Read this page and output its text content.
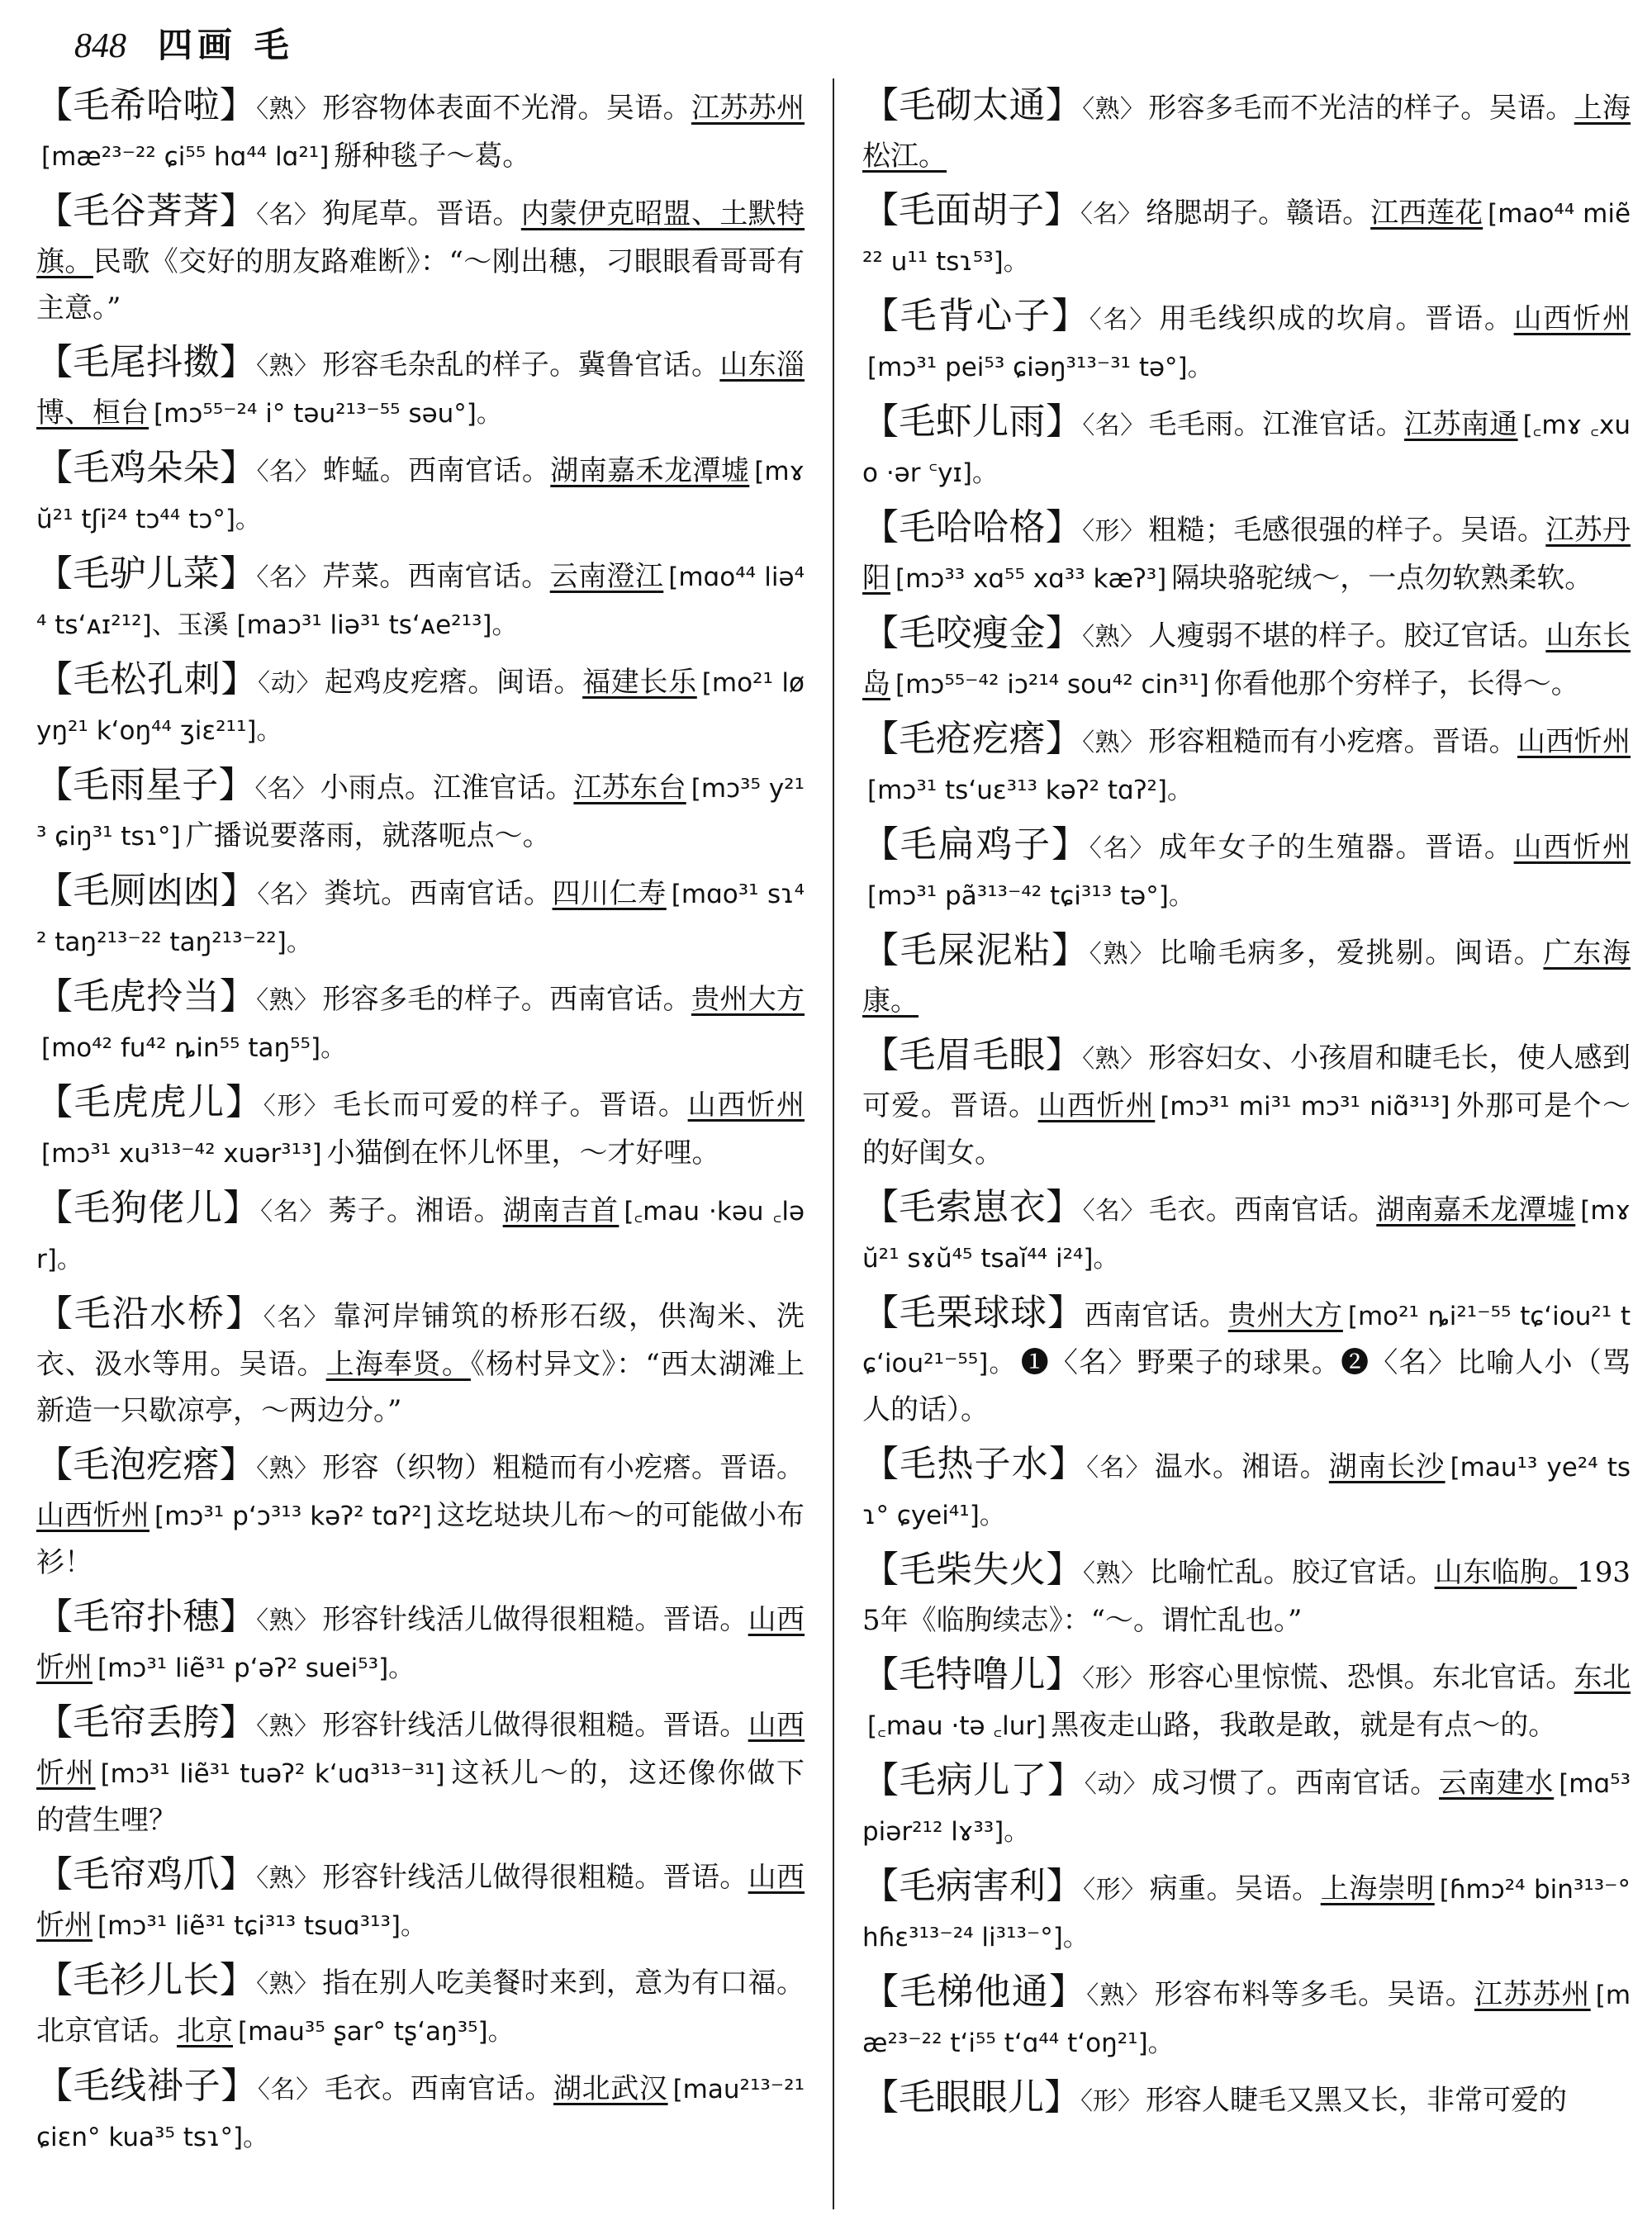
848 四画 毛
【毛希哈啦】〈熟〉 形容物体表面不光滑。吴语。江苏苏州[mæ²³⁻²² ɕi⁵⁵ hɑ⁴⁴ lɑ²¹] 掰种毯子～葛。
【毛谷萕萕】〈名〉 狗尾草。晋语。内蒙伊克昭盟、土默特旗。民歌《交好的朋友路难断》：“～刚出穗，刁眼眼看哥哥有主意。”
【毛尾抖擞】〈熟〉 形容毛杂乱的样子。冀鲁官话。山东淄博、桓台 [mɔ⁵⁵⁻²⁴ i° təu²¹³⁻⁵⁵ səu°]。
【毛鸡朵朵】〈名〉 蚱蜢。西南官话。湖南嘉禾龙潭墟 [mɤŭ²¹ tʃi²⁴ tɔ⁴⁴ tɔ°]。
【毛驴儿菜】〈名〉 芹菜。西南官话。云南澄江 [mɑo⁴⁴ liə⁴⁴ ts‘ᴀɪ²¹²]、玉溪 [maɔ³¹ liə³¹ ts‘ᴀe²¹³]。
【毛松孔刺】〈动〉 起鸡皮疙瘩。闽语。福建长乐 [mo²¹ løyŋ²¹ k‘oŋ⁴⁴ ʒiɛ²¹¹]。
【毛雨星子】〈名〉 小雨点。江淮官话。江苏东台 [mɔ³⁵ y²¹³ ɕiŋ³¹ tsɿ°] 广播说要落雨，就落呃点～。
【毛厕凼凼】〈名〉 粪坑。西南官话。四川仁寿 [mɑo³¹ sɿ⁴² taŋ²¹³⁻²² taŋ²¹³⁻²²]。
【毛虎拎当】〈熟〉 形容多毛的样子。西南官话。贵州大方[mo⁴² fu⁴² ȵin⁵⁵ taŋ⁵⁵]。
【毛虎虎儿】〈形〉 毛长而可爱的样子。晋语。山西忻州[mɔ³¹ xu³¹³⁻⁴² xuər³¹³] 小猫倒在怀儿怀里，～才好哩。
【毛狗佬儿】〈名〉 莠子。湘语。湖南吉首 [꜀mau ·kəu ꜀lər]。
【毛沿水桥】〈名〉 靠河岸铺筑的桥形石级，供淘米、洗衣、汲水等用。吴语。上海奉贤。《杨村异文》：“西太湖滩上新造一只歇凉亭，～两边分。”
【毛泡疙瘩】〈熟〉 形容（织物）粗糙而有小疙瘩。晋语。山西忻州 [mɔ³¹ p‘ɔ³¹³ kəʔ² tɑʔ²] 这圪垯块儿布～的可能做小布衫！
【毛帘扑穗】〈熟〉 形容针线活儿做得很粗糙。晋语。山西忻州 [mɔ³¹ liẽ³¹ p‘əʔ² suei⁵³]。
【毛帘丢胯】〈熟〉 形容针线活儿做得很粗糙。晋语。山西忻州 [mɔ³¹ liẽ³¹ tuəʔ² k‘uɑ³¹³⁻³¹] 这袄儿～的，这还像你做下的营生哩？
【毛帘鸡爪】〈熟〉 形容针线活儿做得很粗糙。晋语。山西忻州 [mɔ³¹ liẽ³¹ tɕi³¹³ tsuɑ³¹³]。
【毛衫儿长】〈熟〉 指在别人吃美餐时来到，意为有口福。北京官话。北京 [mau³⁵ ʂar° tʂ‘aŋ³⁵]。
【毛线褂子】〈名〉 毛衣。西南官话。湖北武汉 [mau²¹³⁻²¹ ɕiɛn° kua³⁵ tsɿ°]。
【毛砌太通】〈熟〉 形容多毛而不光洁的样子。吴语。上海松江。
【毛面胡子】〈名〉 络腮胡子。赣语。江西莲花 [mao⁴⁴ miẽ²² u¹¹ tsɿ⁵³]。
【毛背心子】〈名〉 用毛线织成的坎肩。晋语。山西忻州[mɔ³¹ pei⁵³ ɕiəŋ³¹³⁻³¹ tə°]。
【毛虾儿雨】〈名〉 毛毛雨。江淮官话。江苏南通 [꜀mɤ ꜀xuo ·ər ꜂yɪ]。
【毛哈哈格】〈形〉 粗糙；毛感很强的样子。吴语。江苏丹阳 [mɔ³³ xɑ⁵⁵ xɑ³³ kæʔ³] 隔块骆驼绒～，一点勿软熟柔软。
【毛咬瘦金】〈熟〉 人瘦弱不堪的样子。胶辽官话。山东长岛 [mɔ⁵⁵⁻⁴² iɔ²¹⁴ sou⁴² cin³¹] 你看他那个穷样子，长得～。
【毛疮疙瘩】〈熟〉 形容粗糙而有小疙瘩。晋语。山西忻州[mɔ³¹ ts‘uɛ³¹³ kəʔ² tɑʔ²]。
【毛扁鸡子】〈名〉 成年女子的生殖器。晋语。山西忻州[mɔ³¹ pã³¹³⁻⁴² tɕi³¹³ tə°]。
【毛屎泥粘】〈熟〉 比喻毛病多，爱挑剔。闽语。广东海康。
【毛眉毛眼】〈熟〉 形容妇女、小孩眉和睫毛长，使人感到可爱。晋语。山西忻州 [mɔ³¹ mi³¹ mɔ³¹ niɑ̃³¹³] 外那可是个～的好闺女。
【毛索崽衣】〈名〉 毛衣。西南官话。湖南嘉禾龙潭墟 [mɤŭ²¹ sɤŭ⁴⁵ tsaĭ⁴⁴ i²⁴]。
【毛栗球球】西南官话。贵州大方 [mo²¹ ȵi²¹⁻⁵⁵ tɕ‘iou²¹ tɕ‘iou²¹⁻⁵⁵]。 ❶〈名〉野栗子的球果。❷〈名〉比喻人小（骂人的话）。
【毛热子水】〈名〉 温水。湘语。湖南长沙 [mau¹³ ye²⁴ tsɿ° ɕyei⁴¹]。
【毛柴失火】〈熟〉 比喻忙乱。胶辽官话。山东临朐。1935年《临朐续志》：“～。谓忙乱也。”
【毛特噜儿】〈形〉 形容心里惊慌、恐惧。东北官话。东北[꜀mau ·tə ꜀lur] 黑夜走山路，我敢是敢，就是有点～的。
【毛病儿了】〈动〉 成习惯了。西南官话。云南建水 [mɑ⁵³ piər²¹² lɤ³³]。
【毛病害利】〈形〉 病重。吴语。上海崇明 [ɦmɔ²⁴ bin³¹³⁻° hɦɛ³¹³⁻²⁴ li³¹³⁻°]。
【毛梯他通】〈熟〉 形容布料等多毛。吴语。江苏苏州 [mæ²³⁻²² t‘i⁵⁵ t‘ɑ⁴⁴ t‘oŋ²¹]。
【毛眼眼儿】〈形〉 形容人睫毛又黑又长，非常可爱的
